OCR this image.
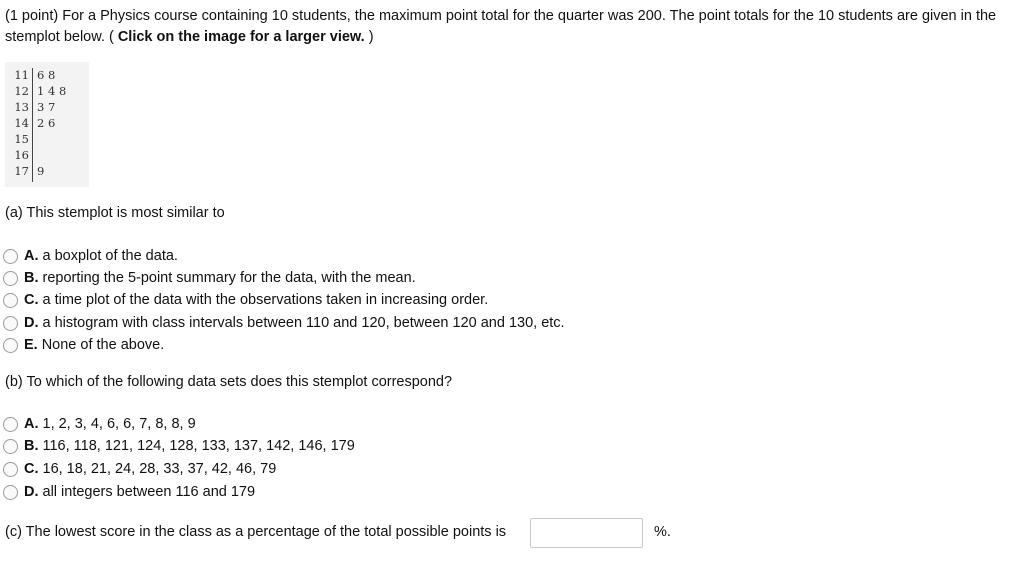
(1 point) For a Physics course containing 10 students, the maximum point total for the quarter was 200. The point totals for the 10 students are given in the stemplot below. ( Click on the image for a larger view. )
11 6 8
12 1 4 8
13 3 7
14 2 6
15
16
17 9
(a) This stemplot is most similar to
A. a boxplot of the data.
B. reporting the 5-point summary for the data, with the mean.
C. a time plot of the data with the observations taken in increasing order.
D. a histogram with class intervals between 110 and 120, between 120 and 130, etc.
E. None of the above.
(b) To which of the following data sets does this stemplot correspond?
A. 1, 2, 3, 4, 6, 6, 7, 8, 8, 9
B. 116, 118, 121, 124, 128, 133, 137, 142, 146, 179
C. 16, 18, 21, 24, 28, 33, 37, 42, 46, 79
D. all integers between 116 and 179
(c) The lowest score in the class as a percentage of the total possible points is	%.
